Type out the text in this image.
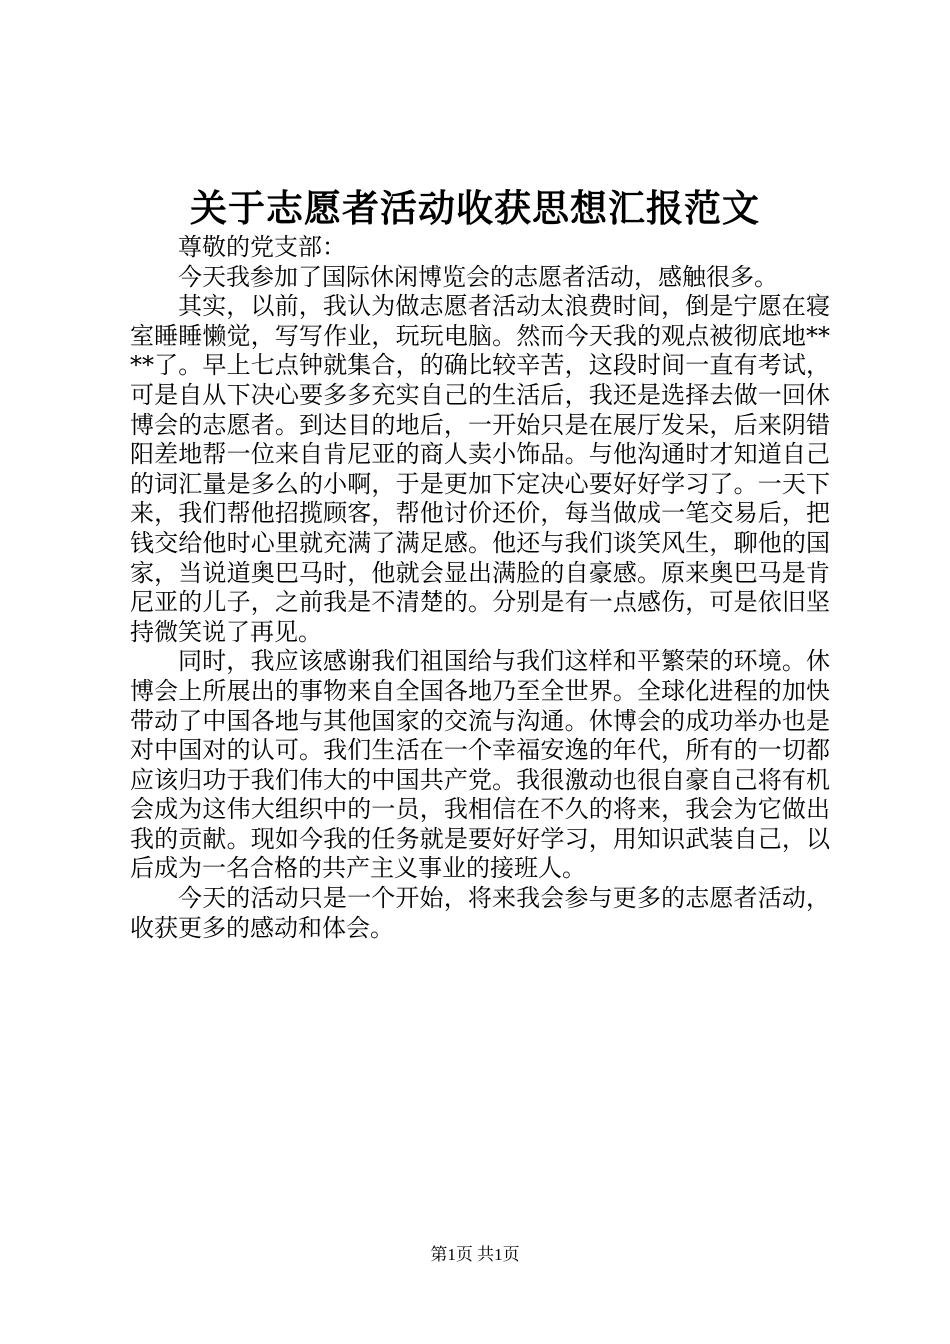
关于志愿者活动收获思想汇报范文

尊敬的党支部：

今天我参加了国际休闲博览会的志愿者活动，感触很多。

其实，以前，我认为做志愿者活动太浪费时间，倒是宁愿在寝室睡睡懒觉，写写作业，玩玩电脑。然而今天我的观点被彻底地****了。早上七点钟就集合，的确比较辛苦，这段时间一直有考试，可是自从下决心要多多充实自己的生活后，我还是选择去做一回休博会的志愿者。到达目的地后，一开始只是在展厅发呆，后来阴错阳差地帮一位来自肯尼亚的商人卖小饰品。与他沟通时才知道自己的词汇量是多么的小啊，于是更加下定决心要好好学习了。一天下来，我们帮他招揽顾客，帮他讨价还价，每当做成一笔交易后，把钱交给他时心里就充满了满足感。他还与我们谈笑风生，聊他的国家，当说道奥巴马时，他就会显出满脸的自豪感。原来奥巴马是肯尼亚的儿子，之前我是不清楚的。分别是有一点感伤，可是依旧坚持微笑说了再见。

同时，我应该感谢我们祖国给与我们这样和平繁荣的环境。休博会上所展出的事物来自全国各地乃至全世界。全球化进程的加快带动了中国各地与其他国家的交流与沟通。休博会的成功举办也是对中国对的认可。我们生活在一个幸福安逸的年代，所有的一切都应该归功于我们伟大的中国共产党。我很激动也很自豪自己将有机会成为这伟大组织中的一员，我相信在不久的将来，我会为它做出我的贡献。现如今我的任务就是要好好学习，用知识武装自己，以后成为一名合格的共产主义事业的接班人。

今天的活动只是一个开始，将来我会参与更多的志愿者活动，收获更多的感动和体会。

第1页 共1页
